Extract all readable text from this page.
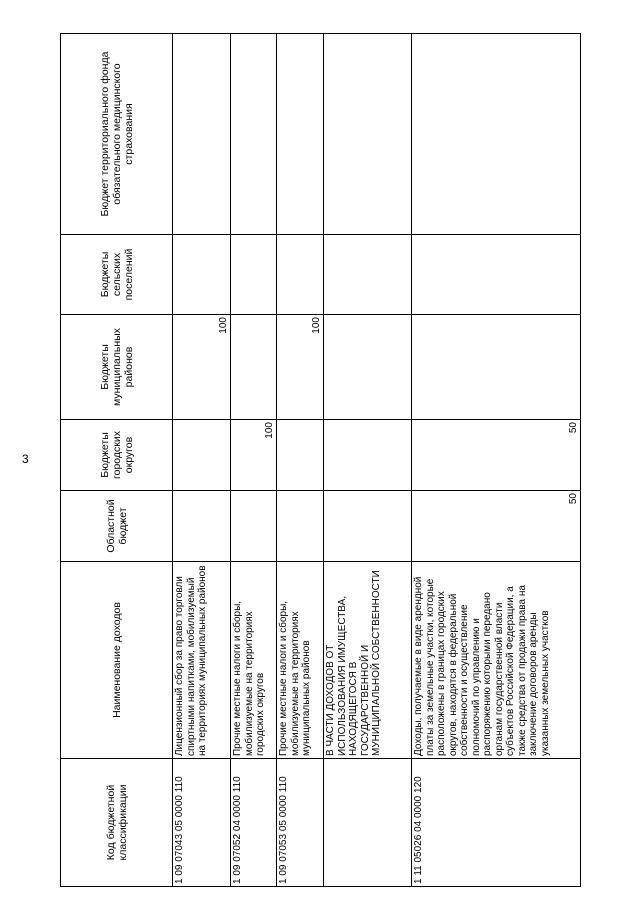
3
Код бюджетной классификации	Наименование доходов	Областной бюджет	Бюджеты городских округов	Бюджеты муниципальных районов	Бюджеты сельских поселений	Бюджет территориального фонда обязательного медицинского страхования
1 09 07043 05 0000 110	Лицензионный сбор за право торговли спиртными напитками, мобилизуемый на территориях муниципальных районов			100		
1 09 07052 04 0000 110	Прочие местные налоги и сборы, мобилизуемые на территориях городских округов		100			
1 09 07053 05 0000 110	Прочие местные налоги и сборы, мобилизуемые на территориях муниципальных районов			100		
	В ЧАСТИ ДОХОДОВ ОТ ИСПОЛЬЗОВАНИЯ ИМУЩЕСТВА, НАХОДЯЩЕГОСЯ В ГОСУДАРСТВЕННОЙ И МУНИЦИПАЛЬНОЙ СОБСТВЕННОСТИ					
1 11 05026 04 0000 120	Доходы, получаемые в виде арендной платы за земельные участки, которые расположены в границах городских округов, находятся в федеральной собственности и осуществление полномочий по управлению и распоряжению которыми передано органам государственной власти субъектов Российской Федерации, а также средства от продажи права на заключение договоров аренды указанных земельных участков	50	50			
